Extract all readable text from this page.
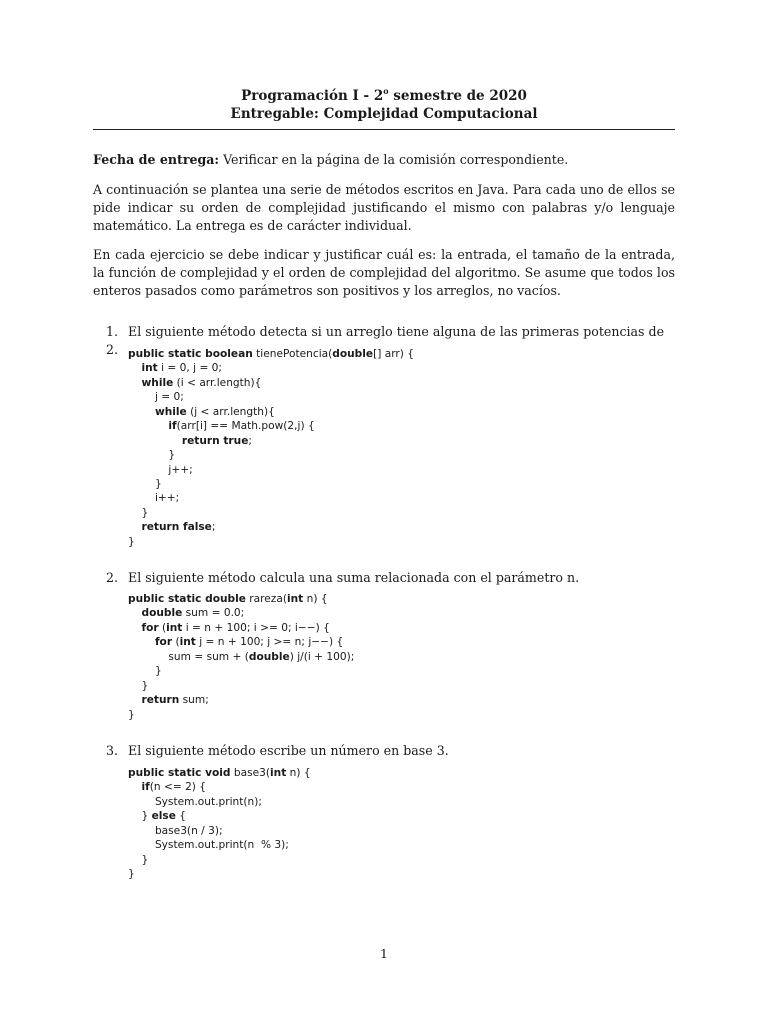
Programación I - 2$^o$ semestre de 2020
Entregable: Complejidad Computacional
Fecha de entrega: Verificar en la página de la comisión correspondiente.
A continuación se plantea una serie de métodos escritos en Java. Para cada uno de ellos se pide indicar su orden de complejidad justificando el mismo con palabras y/o lenguaje matemático. La entrega es de carácter individual.
En cada ejercicio se debe indicar y justificar cuál es: la entrada, el tamaño de la entrada, la función de complejidad y el orden de complejidad del algoritmo. Se asume que todos los enteros pasados como parámetros son positivos y los arreglos, no vacíos.
1. El siguiente método detecta si un arreglo tiene alguna de las primeras potencias de 2. public static boolean tienePotencia(double[] arr) {
int i = 0, j = 0;
while (i < arr.length){
j = 0;
while (j < arr.length){
if(arr[i] == Math.pow(2,j) {
return true;
}
j++;
}
i++;
}
return false;
}
2. El siguiente método calcula una suma relacionada con el parámetro n.
public static double rareza(int n) {
double sum = 0.0;
for (int i = n + 100; i >= 0; i−−) {
for (int j = n + 100; j >= n; j−−) {
sum = sum + (double) j/(i + 100);
}
}
return sum;
}
3. El siguiente método escribe un número en base 3.
public static void base3(int n) {
if(n <= 2) {
System.out.print(n);
} else {
base3(n / 3);
System.out.print(n  % 3);
}
}
1
